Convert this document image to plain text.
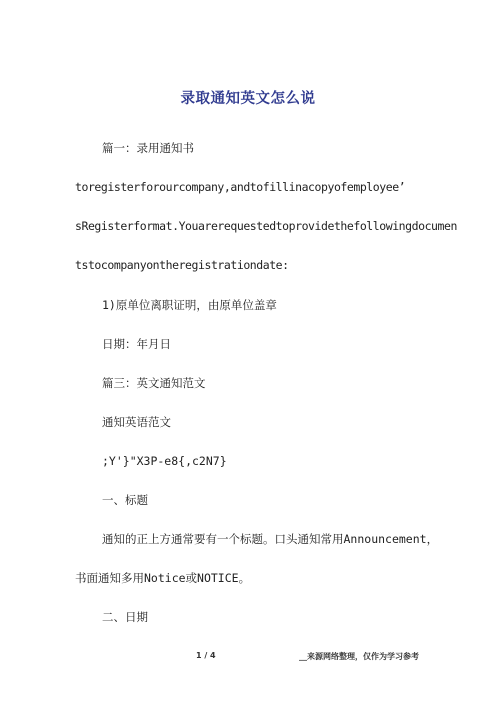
录取通知英文怎么说
篇一：录用通知书
toregisterforourcompany,andtofillinacopyofemployee’
sRegisterformat.Youarerequestedtoprovidethefollowingdocumen
tstocompanyontheregistrationdate:
1)原单位离职证明，由原单位盖章
日期：年月日
篇三：英文通知范文
通知英语范文
;Y'}"X3P-e8{,c2N7}
一、标题
通知的正上方通常要有一个标题。口头通知常用Announcement，
书面通知多用Notice或NOTICE。
二、日期
1 / 4	__来源网络整理，仅作为学习参考
